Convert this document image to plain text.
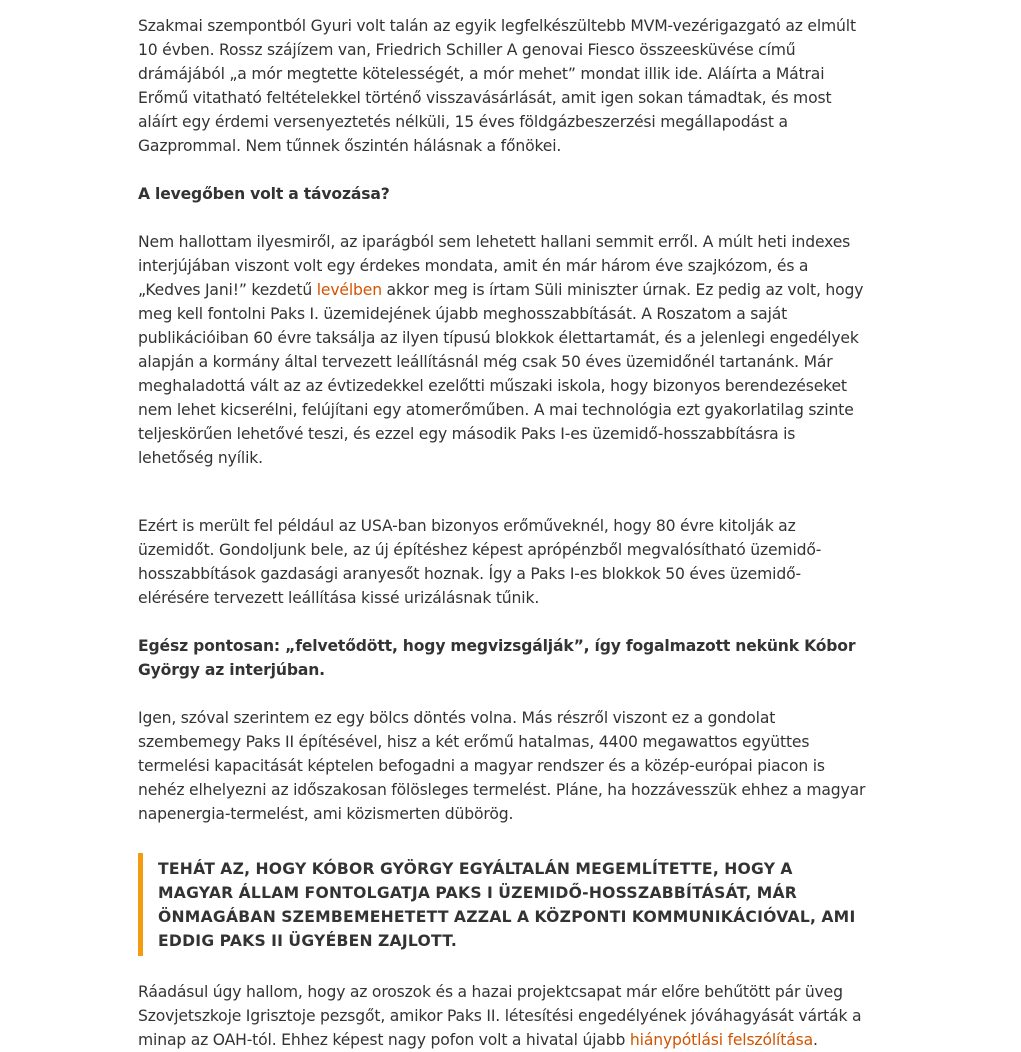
Szakmai szempontból Gyuri volt talán az egyik legfelkészültebb MVM-vezérigazgató az elmúlt 10 évben. Rossz szájízem van, Friedrich Schiller A genovai Fiesco összeesküvése című drámájából „a mór megtette kötelességét, a mór mehet” mondat illik ide. Aláírta a Mátrai Erőmű vitatható feltételekkel történő visszavásárlását, amit igen sokan támadtak, és most aláírt egy érdemi versenyeztetés nélküli, 15 éves földgázbeszerzési megállapodást a Gazprommal. Nem tűnnek őszintén hálásnak a főnökei.

A levegőben volt a távozása?

Nem hallottam ilyesmiről, az iparágból sem lehetett hallani semmit erről. A múlt heti indexes interjújában viszont volt egy érdekes mondata, amit én már három éve szajkózom, és a „Kedves Jani!” kezdetű levélben akkor meg is írtam Süli miniszter úrnak. Ez pedig az volt, hogy meg kell fontolni Paks I. üzemidejének újabb meghosszabbítását. A Roszatom a saját publikációiban 60 évre taksálja az ilyen típusú blokkok élettartamát, és a jelenlegi engedélyek alapján a kormány által tervezett leállításnál még csak 50 éves üzemidőnél tartanánk. Már meghaladottá vált az az évtizedekkel ezelőtti műszaki iskola, hogy bizonyos berendezéseket nem lehet kicserélni, felújítani egy atomerőműben. A mai technológia ezt gyakorlatilag szinte teljeskörűen lehetővé teszi, és ezzel egy második Paks I-es üzemidő-hosszabbításra is lehetőség nyílik.

Ezért is merült fel például az USA-ban bizonyos erőműveknél, hogy 80 évre kitolják az üzemidőt. Gondoljunk bele, az új építéshez képest aprópénzből megvalósítható üzemidő-hosszabbítások gazdasági aranyesőt hoznak. Így a Paks I-es blokkok 50 éves üzemidő-elérésére tervezett leállítása kissé urizálásnak tűnik.

Egész pontosan: „felvetődött, hogy megvizsgálják”, így fogalmazott nekünk Kóbor György az interjúban.

Igen, szóval szerintem ez egy bölcs döntés volna. Más részről viszont ez a gondolat szembemegy Paks II építésével, hisz a két erőmű hatalmas, 4400 megawattos együttes termelési kapacitását képtelen befogadni a magyar rendszer és a közép-európai piacon is nehéz elhelyezni az időszakosan fölösleges termelést. Pláne, ha hozzávesszük ehhez a magyar napenergia-termelést, ami közismerten dübörög.

TEHÁT AZ, HOGY KÓBOR GYÖRGY EGYÁLTALÁN MEGEMLÍTETTE, HOGY A MAGYAR ÁLLAM FONTOLGATJA PAKS I ÜZEMIDŐ-HOSSZABBÍTÁSÁT, MÁR ÖNMAGÁBAN SZEMBEMEHETETT AZZAL A KÖZPONTI KOMMUNIKÁCIÓVAL, AMI EDDIG PAKS II ÜGYÉBEN ZAJLOTT.

Ráadásul úgy hallom, hogy az oroszok és a hazai projektcsapat már előre behűtött pár üveg Szovjetszkoje Igrisztoje pezsgőt, amikor Paks II. létesítési engedélyének jóváhagyását várták a minap az OAH-tól. Ehhez képest nagy pofon volt a hivatal újabb hiánypótlási felszólítása.
